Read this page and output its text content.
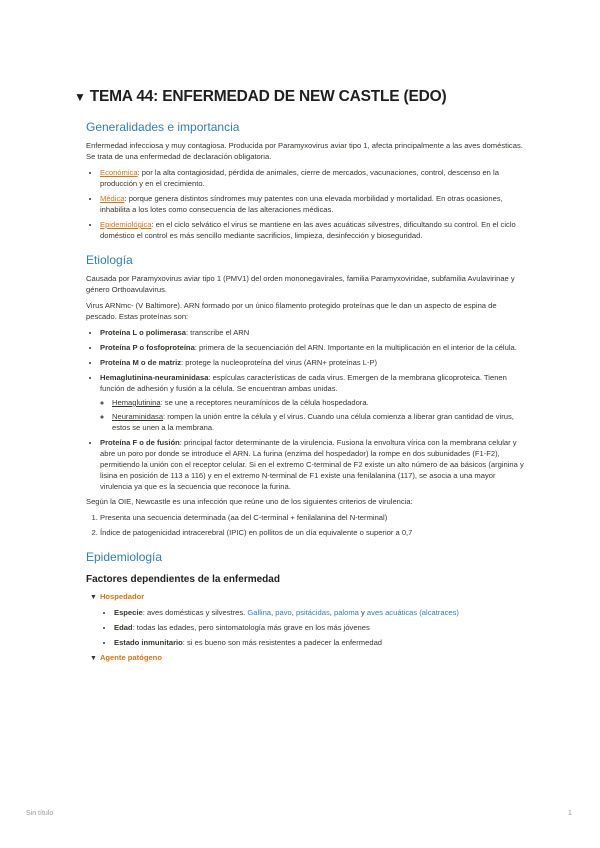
▼ TEMA 44: ENFERMEDAD DE NEW CASTLE (EDO)
Generalidades e importancia

Enfermedad infecciosa y muy contagiosa. Producida por Paramyxovirus aviar tipo 1, afecta principalmente a las aves domésticas. Se trata de una enfermedad de declaración obligatoria.

• Económica: por la alta contagiosidad, pérdida de animales, cierre de mercados, vacunaciones, control, descenso en la producción y en el crecimiento.
• Médica: porque genera distintos síndromes muy patentes con una elevada morbilidad y mortalidad. En otras ocasiones, inhabilita a los lotes como consecuencia de las alteraciones médicas.
• Epidemiológica: en el ciclo selvático el virus se mantiene en las aves acuáticas silvestres, dificultando su control. En el ciclo doméstico el control es más sencillo mediante sacrificios, limpieza, desinfección y bioseguridad.
Etiología

Causada por Paramyxovirus aviar tipo 1 (PMV1) del orden mononegavirales, familia Paramyxoviridae, subfamilia Avulavirinae y género Orthoavulavirus.

Virus ARNmc- (V Baltimore). ARN formado por un único filamento protegido proteínas que le dan un aspecto de espina de pescado. Estas proteínas son:

• Proteína L o polimerasa: transcribe el ARN
• Proteína P o fosfoproteína: primera de la secuenciación del ARN. Importante en la multiplicación en el interior de la célula.
• Proteína M o de matriz: protege la nucleoproteína del virus (ARN+ proteínas L-P)
• Hemaglutinina-neuraminidasa: espículas características de cada virus. Emergen de la membrana glicoproteica. Tienen función de adhesión y fusión a la célula. Se encuentran ambas unidas.
◦ Hemaglutinina: se une a receptores neuramínicos de la célula hospedadora.
◦ Neuraminidasa: rompen la unión entre la célula y el virus. Cuando una célula comienza a liberar gran cantidad de virus, estos se unen a la membrana.
• Proteína F o de fusión: principal factor determinante de la virulencia. Fusiona la envoltura vírica con la membrana celular y abre un poro por donde se introduce el ARN. La furina (enzima del hospedador) la rompe en dos subunidades (F1-F2), permitiendo la unión con el receptor celular. Si en el extremo C-terminal de F2 existe un alto número de aa básicos (arginina y lisina en posición de 113 a 116) y en el extremo N-terminal de F1 existe una fenilalanina (117), se asocia a una mayor virulencia ya que es la secuencia que reconoce la furina.

Según la OIE, Newcastle es una infección que reúne uno de los siguientes criterios de virulencia:

1. Presenta una secuencia determinada (aa del C-terminal + fenilalanina del N-terminal)
2. Índice de patogenicidad intracerebral (IPIC) en pollitos de un día equivalente o superior a 0,7
Epidemiología
Factores dependientes de la enfermedad
▼ Hospedador
• Especie: aves domésticas y silvestres. Gallina, pavo, psitácidas, paloma y aves acuáticas (alcatraces)
• Edad: todas las edades, pero sintomatología más grave en los más jóvenes
• Estado inmunitario: si es bueno son más resistentes a padecer la enfermedad
▼ Agente patógeno
Sin título	1
